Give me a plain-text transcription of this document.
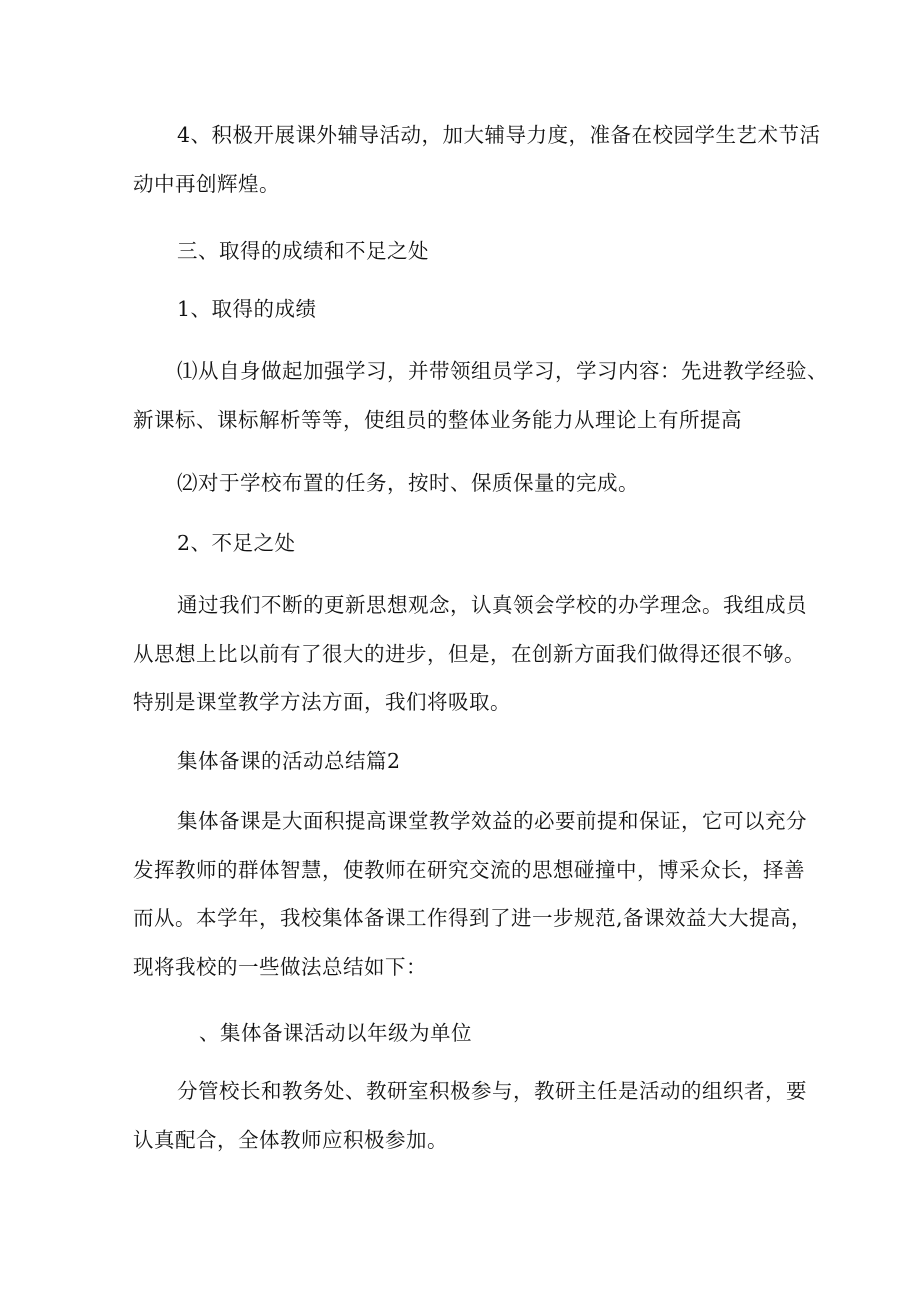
4、积极开展课外辅导活动，加大辅导力度，准备在校园学生艺术节活
动中再创辉煌。
三、取得的成绩和不足之处
1、取得的成绩
⑴从自身做起加强学习，并带领组员学习，学习内容：先进教学经验、
新课标、课标解析等等，使组员的整体业务能力从理论上有所提高
⑵对于学校布置的任务，按时、保质保量的完成。
2、不足之处
通过我们不断的更新思想观念，认真领会学校的办学理念。我组成员
从思想上比以前有了很大的进步，但是，在创新方面我们做得还很不够。
特别是课堂教学方法方面，我们将吸取。
集体备课的活动总结篇2
集体备课是大面积提高课堂教学效益的必要前提和保证，它可以充分
发挥教师的群体智慧，使教师在研究交流的思想碰撞中，博采众长，择善
而从。本学年，我校集体备课工作得到了进一步规范,备课效益大大提高，
现将我校的一些做法总结如下：
、集体备课活动以年级为单位
分管校长和教务处、教研室积极参与，教研主任是活动的组织者，要
认真配合，全体教师应积极参加。
